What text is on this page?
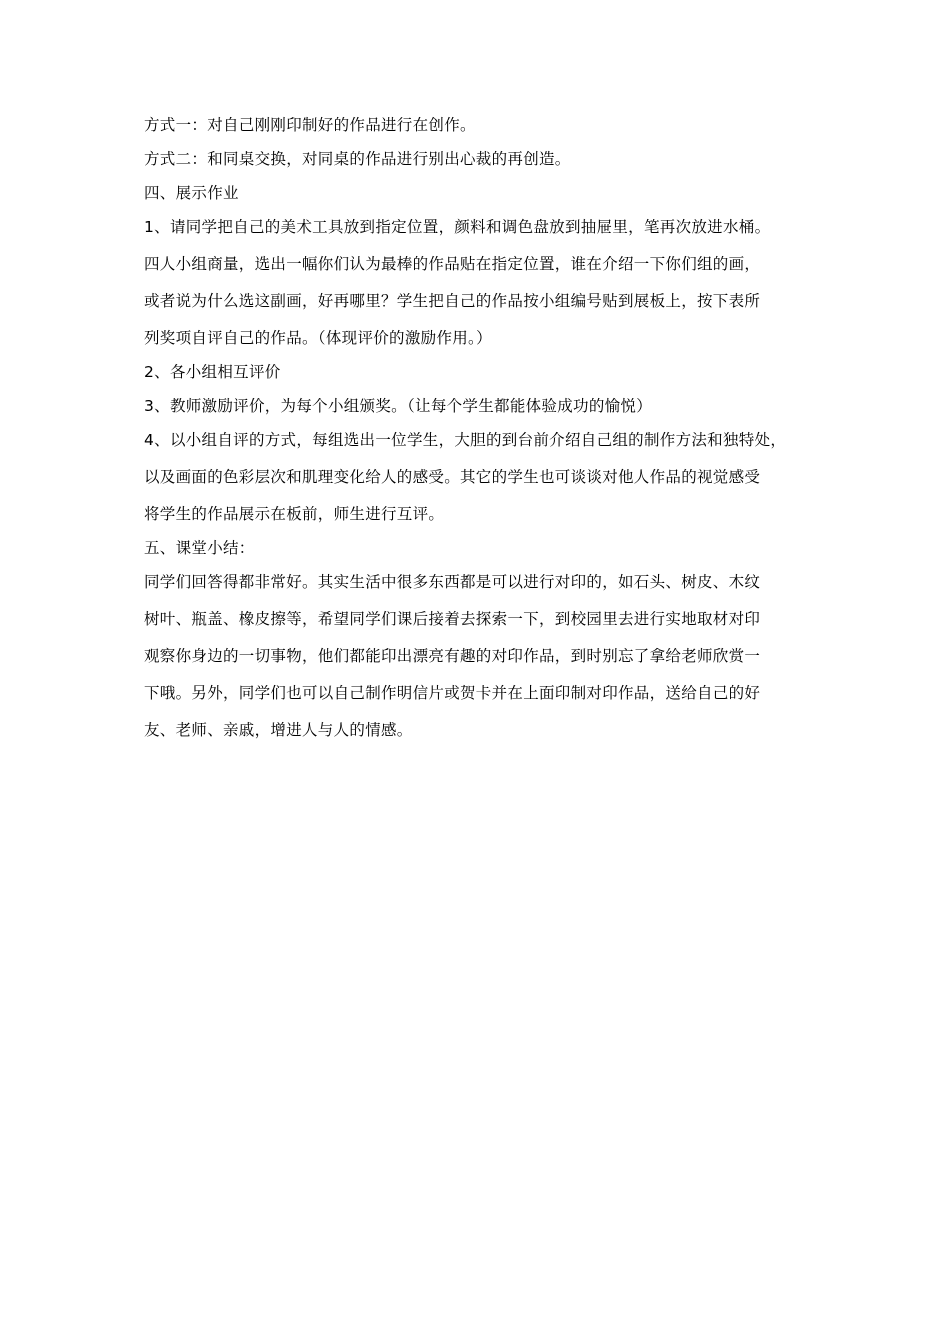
方式一：对自己刚刚印制好的作品进行在创作。
方式二：和同桌交换，对同桌的作品进行别出心裁的再创造。
四、展示作业
1、请同学把自己的美术工具放到指定位置，颜料和调色盘放到抽屉里，笔再次放进水桶。
四人小组商量，选出一幅你们认为最棒的作品贴在指定位置，谁在介绍一下你们组的画，
或者说为什么选这副画，好再哪里？学生把自己的作品按小组编号贴到展板上，按下表所
列奖项自评自己的作品。（体现评价的激励作用。）
2、各小组相互评价
3、教师激励评价，为每个小组颁奖。（让每个学生都能体验成功的愉悦）
4、以小组自评的方式，每组选出一位学生，大胆的到台前介绍自己组的制作方法和独特处，
以及画面的色彩层次和肌理变化给人的感受。其它的学生也可谈谈对他人作品的视觉感受
将学生的作品展示在板前，师生进行互评。
五、课堂小结：
同学们回答得都非常好。其实生活中很多东西都是可以进行对印的，如石头、树皮、木纹
树叶、瓶盖、橡皮擦等，希望同学们课后接着去探索一下，到校园里去进行实地取材对印
观察你身边的一切事物，他们都能印出漂亮有趣的对印作品，到时别忘了拿给老师欣赏一
下哦。另外，同学们也可以自己制作明信片或贺卡并在上面印制对印作品，送给自己的好
友、老师、亲戚，增进人与人的情感。
